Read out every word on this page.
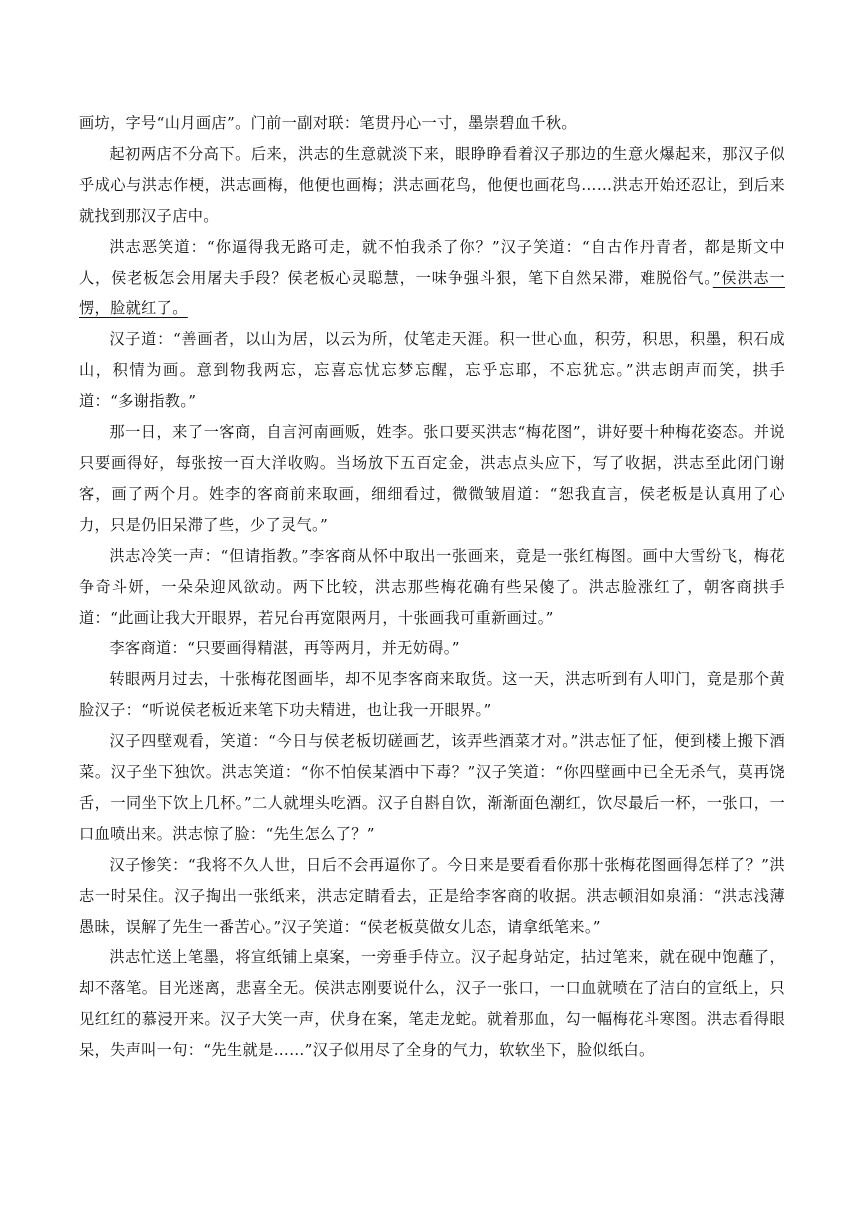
画坊，字号“山月画店”。门前一副对联：笔贯丹心一寸，墨崇碧血千秋。

起初两店不分高下。后来，洪志的生意就淡下来，眼睁睁看着汉子那边的生意火爆起来，那汉子似乎成心与洪志作梗，洪志画梅，他便也画梅；洪志画花鸟，他便也画花鸟……洪志开始还忍让，到后来就找到那汉子店中。

洪志恶笑道：“你逼得我无路可走，就不怕我杀了你？”汉子笑道：“自古作丹青者，都是斯文中人，侯老板怎会用屠夫手段？侯老板心灵聪慧，一味争强斗狠，笔下自然呆滞，难脱俗气。”侯洪志一愣，脸就红了。

汉子道：“善画者，以山为居，以云为所，仗笔走天涯。积一世心血，积劳，积思，积墨，积石成山，积情为画。意到物我两忘，忘喜忘忧忘梦忘醒，忘乎忘耶，不忘犹忘。”洪志朗声而笑，拱手道：“多谢指教。”

那一日，来了一客商，自言河南画贩，姓李。张口要买洪志“梅花图”，讲好要十种梅花姿态。并说只要画得好，每张按一百大洋收购。当场放下五百定金，洪志点头应下，写了收据，洪志至此闭门谢客，画了两个月。姓李的客商前来取画，细细看过，微微皱眉道：“恕我直言，侯老板是认真用了心力，只是仍旧呆滞了些，少了灵气。”

洪志冷笑一声：“但请指教。”李客商从怀中取出一张画来，竟是一张红梅图。画中大雪纷飞，梅花争奇斗妍，一朵朵迎风欲动。两下比较，洪志那些梅花确有些呆傻了。洪志脸涨红了，朝客商拱手道：“此画让我大开眼界，若兄台再宽限两月，十张画我可重新画过。”

李客商道：“只要画得精湛，再等两月，并无妨碍。”

转眼两月过去，十张梅花图画毕，却不见李客商来取货。这一天，洪志听到有人叩门，竟是那个黄脸汉子：“听说侯老板近来笔下功夫精进，也让我一开眼界。”

汉子四壁观看，笑道：“今日与侯老板切磋画艺，该弄些酒菜才对。”洪志怔了怔，便到楼上搬下酒菜。汉子坐下独饮。洪志笑道：“你不怕侯某酒中下毒？”汉子笑道：“你四壁画中已全无杀气，莫再饶舌，一同坐下饮上几杯。”二人就埋头吃酒。汉子自斟自饮，渐渐面色潮红，饮尽最后一杯，一张口，一口血喷出来。洪志惊了脸：“先生怎么了？”

汉子惨笑：“我将不久人世，日后不会再逼你了。今日来是要看看你那十张梅花图画得怎样了？”洪志一时呆住。汉子掏出一张纸来，洪志定睛看去，正是给李客商的收据。洪志顿泪如泉涌：“洪志浅薄愚昧，误解了先生一番苦心。”汉子笑道：“侯老板莫做女儿态，请拿纸笔来。”

洪志忙送上笔墨，将宣纸铺上桌案，一旁垂手侍立。汉子起身站定，拈过笔来，就在砚中饱蘸了，却不落笔。目光迷离，悲喜全无。侯洪志刚要说什么，汉子一张口，一口血就喷在了洁白的宣纸上，只见红红的慕浸开来。汉子大笑一声，伏身在案，笔走龙蛇。就着那血，勾一幅梅花斗寒图。洪志看得眼呆，失声叫一句：“先生就是……”汉子似用尽了全身的气力，软软坐下，脸似纸白。
